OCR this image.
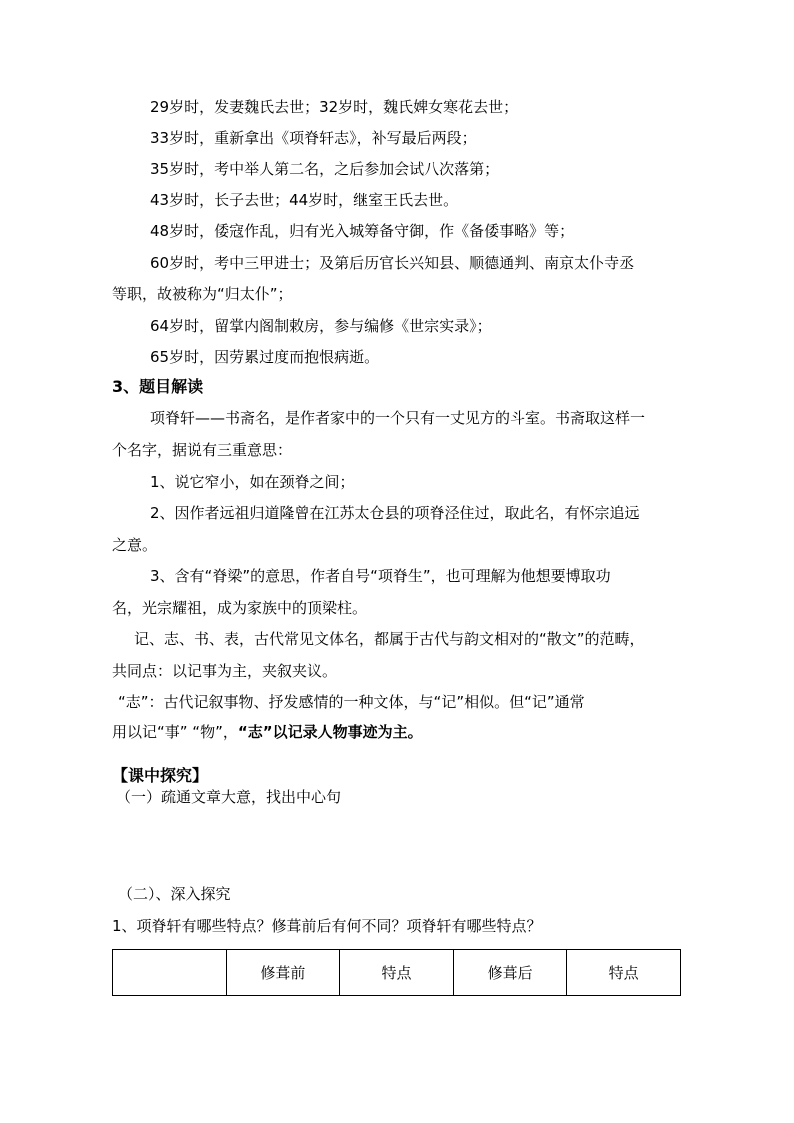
29岁时，发妻魏氏去世；32岁时，魏氏婢女寒花去世；
33岁时，重新拿出《项脊轩志》，补写最后两段；
35岁时，考中举人第二名，之后参加会试八次落第；
43岁时，长子去世；44岁时，继室王氏去世。
48岁时，倭寇作乱，归有光入城筹备守御，作《备倭事略》等；
60岁时，考中三甲进士；及第后历官长兴知县、顺德通判、南京太仆寺丞
等职，故被称为“归太仆”；
64岁时，留掌内阁制敕房，参与编修《世宗实录》；
65岁时，因劳累过度而抱恨病逝。
3、题目解读
项脊轩——书斋名，是作者家中的一个只有一丈见方的斗室。书斋取这样一
个名字，据说有三重意思：
1、说它窄小，如在颈脊之间；
2、因作者远祖归道隆曾在江苏太仓县的项脊泾住过，取此名，有怀宗追远
之意。
3、含有“脊梁”的意思，作者自号“项脊生”，也可理解为他想要博取功
名，光宗耀祖，成为家族中的顶梁柱。
记、志、书、表，古代常见文体名，都属于古代与韵文相对的“散文”的范畴，
共同点：以记事为主，夹叙夹议。
“志”：古代记叙事物、抒发感情的一种文体，与“记”相似。但“记”通常
用以记“事” “物”，“志”以记录人物事迹为主。
【课中探究】
（一）疏通文章大意，找出中心句
（二）、深入探究
1、项脊轩有哪些特点？修葺前后有何不同？项脊轩有哪些特点？
	修葺前	特点	修葺后	特点
